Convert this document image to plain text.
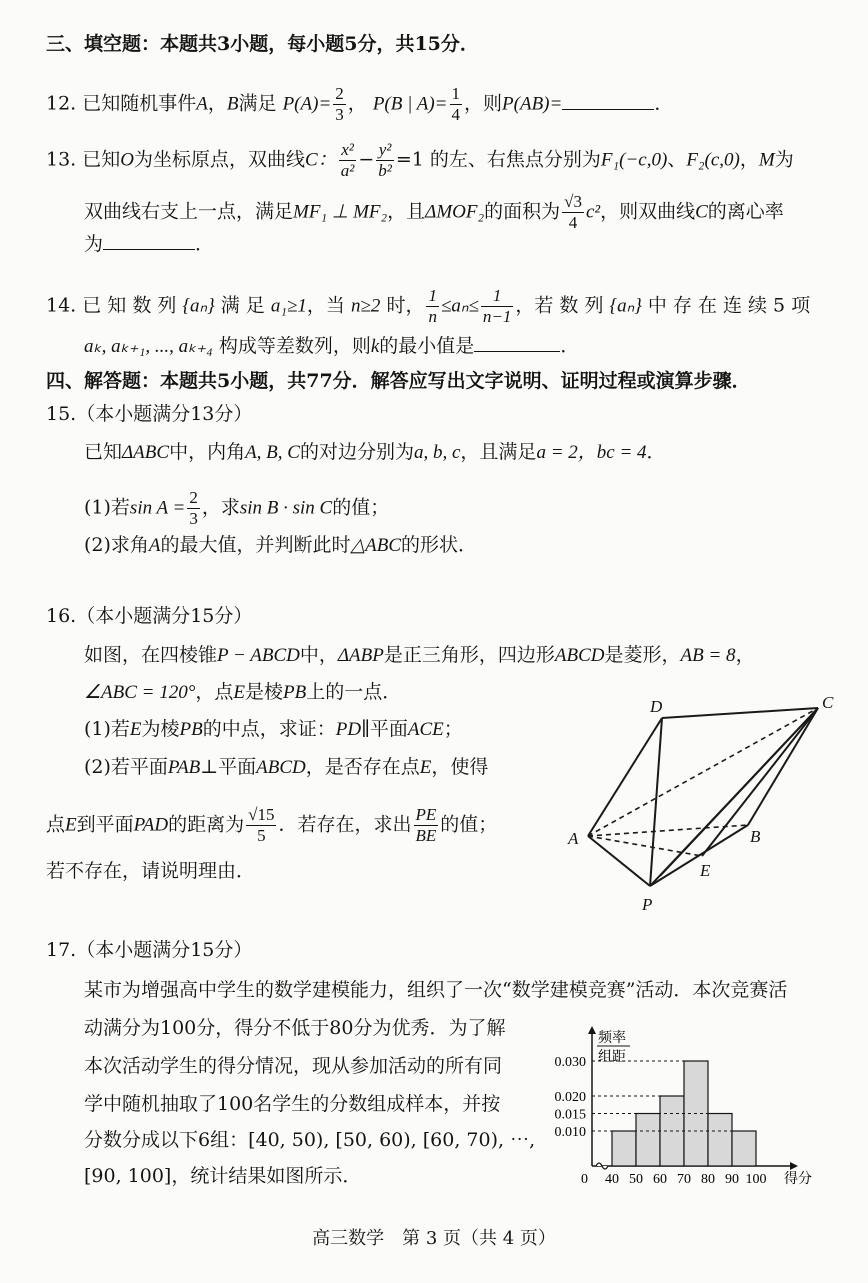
三、填空题：本题共3小题，每小题5分，共15分．
12. 已知随机事件A，B满足 $P(A)= \frac{2}{3}$ ， P(B | $A)= \frac{1}{4}$ ，则P(AB)=	．
13. 已知O为坐标原点，双曲线C： $\frac{\text{x²}}{\text{a²}} - \frac{\text{y²}}{\text{b²}} =1$ 的左、右焦点分别为F₁(−c,0)、F₂(c,0)，M为
双曲线右支上一点，满足MF₁ ⊥ MF₂，且ΔMOF₂的面积为 $\frac{√3}{4} c^2$，则双曲线C的离心率
为	．
14. 已 知 数 列 {aₙ} 满 足 a₁≥1，当 n≥2 时， $\frac{1}{n} \le a_n\le \frac{1}{n-1}$ ，若 数 列 {aₙ} 中 存 在 连 续 5 项
aₖ, aₖ₊₁, ..., aₖ₊₄ 构成等差数列，则k的最小值是	．
四、解答题：本题共5小题，共77分．解答应写出文字说明、证明过程或演算步骤．
15.（本小题满分13分）
已知ΔABC中，内角A, B, C的对边分别为a, b, c，且满足a = 2，bc = 4．
(1)若$\sin A = \frac{2}{3}$ ，求sin B · sin C的值；
(2)求角A的最大值，并判断此时△ABC的形状．
16.（本小题满分15分）
如图，在四棱锥P − ABCD中，ΔABP是正三角形，四边形ABCD是菱形，AB = 8，
∠ABC = 120°，点E是棱PB上的一点．
(1)若E为棱PB的中点，求证：PD∥平面ACE；
(2)若平面PAB⊥平面ABCD，是否存在点E，使得
点E到平面PAD的距离为 $\frac{√15}{5}$ ．若存在，求出 $\frac{PE}{BE}$ 的值；
若不存在，请说明理由．
D	C
A	B
E
P
17.（本小题满分15分）
某市为增强高中学生的数学建模能力，组织了一次“数学建模竞赛”活动．本次竞赛活
动满分为100分，得分不低于80分为优秀．为了解
本次活动学生的得分情况，现从参加活动的所有同
学中随机抽取了100名学生的分数组成样本，并按
分数分成以下6组：[40, 50), [50, 60), [60, 70), ⋯,
[90, 100]，统计结果如图所示．
0.010
0.015
0.020
0.030
40 50 60 70 80 90 100
0	得分
频率
组距
高三数学　第 3 页（共 4 页）
